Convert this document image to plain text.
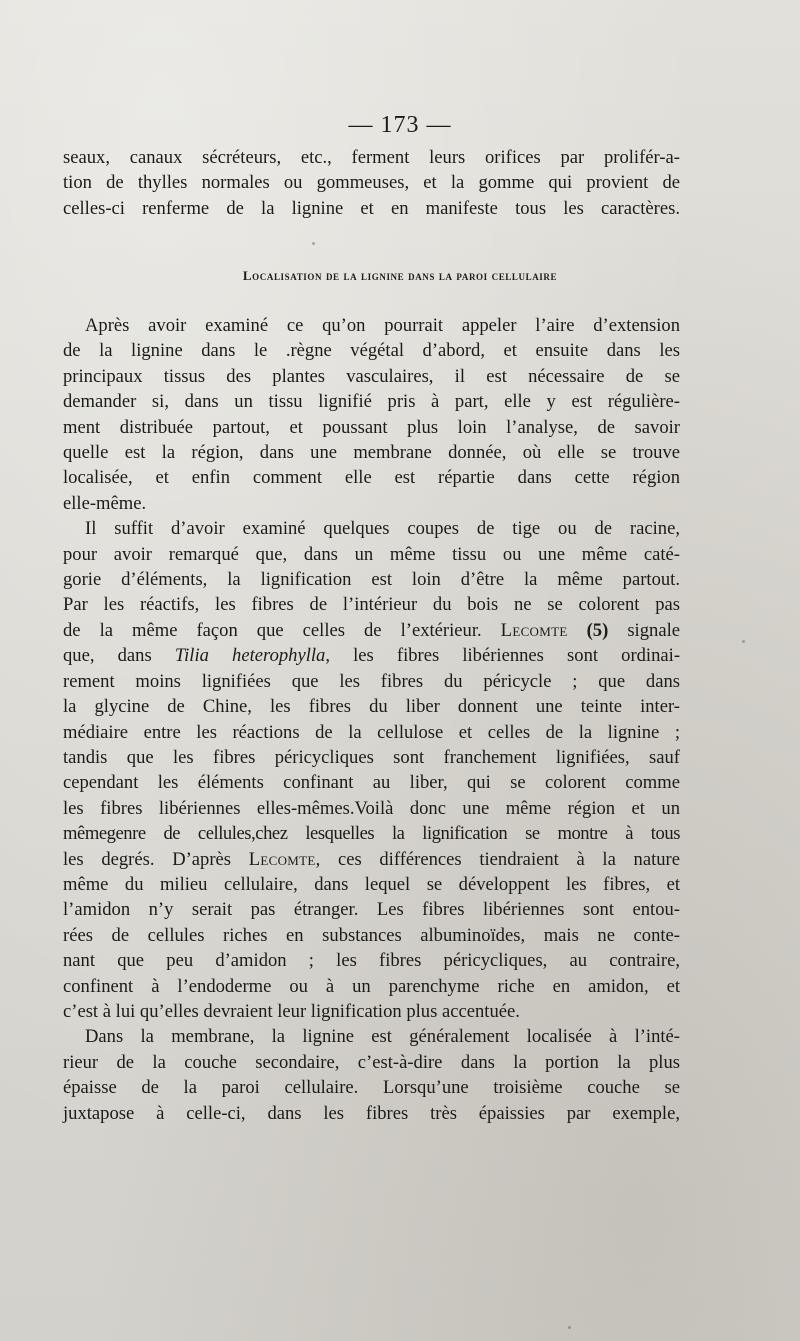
— 173 —
seaux, canaux sécréteurs, etc., ferment leurs orifices par prolifér-a-
tion de thylles normales ou gommeuses, et la gomme qui provient de
celles-ci renferme de la lignine et en manifeste tous les caractères.
Localisation de la lignine dans la paroi cellulaire
Après avoir examiné ce qu’on pourrait appeler l’aire d’extension
de la lignine dans le .règne végétal d’abord, et ensuite dans les
principaux tissus des plantes vasculaires, il est nécessaire de se
demander si, dans un tissu lignifié pris à part, elle y est régulière-
ment distribuée partout, et poussant plus loin l’analyse, de savoir
quelle est la région, dans une membrane donnée, où elle se trouve
localisée, et enfin comment elle est répartie dans cette région
elle-même.
Il suffit d’avoir examiné quelques coupes de tige ou de racine,
pour avoir remarqué que, dans un même tissu ou une même caté-
gorie d’éléments, la lignification est loin d’être la même partout.
Par les réactifs, les fibres de l’intérieur du bois ne se colorent pas
de la même façon que celles de l’extérieur. Lecomte (5) signale
que, dans Tilia heterophylla, les fibres libériennes sont ordinai-
rement moins lignifiées que les fibres du péricycle ; que dans
la glycine de Chine, les fibres du liber donnent une teinte inter-
médiaire entre les réactions de la cellulose et celles de la lignine ;
tandis que les fibres péricycliques sont franchement lignifiées, sauf
cependant les éléments confinant au liber, qui se colorent comme
les fibres libériennes elles-mêmes.Voilà donc une même région et un
mêmegenre de cellules,chez lesquelles la lignification se montre à tous
les degrés. D’après Lecomte, ces différences tiendraient à la nature
même du milieu cellulaire, dans lequel se développent les fibres, et
l’amidon n’y serait pas étranger. Les fibres libériennes sont entou-
rées de cellules riches en substances albuminoïdes, mais ne conte-
nant que peu d’amidon ; les fibres péricycliques, au contraire,
confinent à l’endoderme ou à un parenchyme riche en amidon, et
c’est à lui qu’elles devraient leur lignification plus accentuée.
Dans la membrane, la lignine est généralement localisée à l’inté-
rieur de la couche secondaire, c’est-à-dire dans la portion la plus
épaisse de la paroi cellulaire. Lorsqu’une troisième couche se
juxtapose à celle-ci, dans les fibres très épaissies par exemple,
